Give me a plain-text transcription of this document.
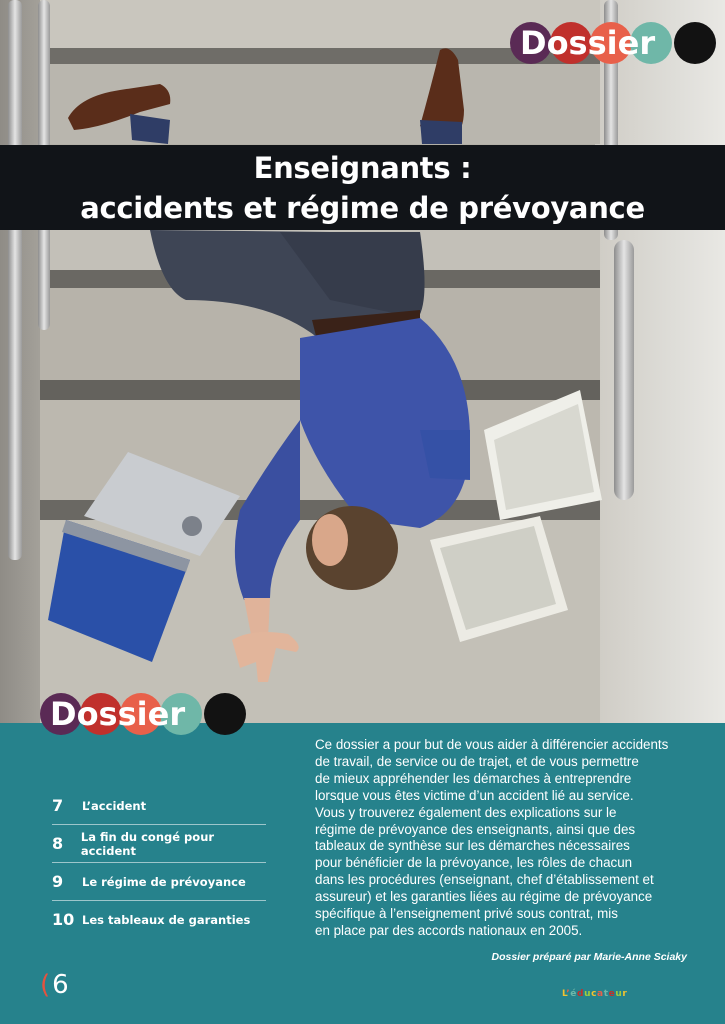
Dossier
Enseignants :
accidents et régime de prévoyance
Dossier
7	L’accident
8	La fin du congé pour accident
9	Le régime de prévoyance
10 Les tableaux de garanties

Ce dossier a pour but de vous aider à différencier accidents

de travail, de service ou de trajet, et de vous permettre

de mieux appréhender les démarches à entreprendre

lorsque vous êtes victime d’un accident lié au service.

Vous y trouverez également des explications sur le

régime de prévoyance des enseignants, ainsi que des

tableaux de synthèse sur les démarches nécessaires

pour bénéficier de la prévoyance, les rôles de chacun

dans les procédures (enseignant, chef d’établissement et

assureur) et les garanties liées au régime de prévoyance

spécifique à l’enseignement privé sous contrat, mis

en place par des accords nationaux en 2005.

Dossier préparé par Marie-Anne Sciaky
(6	L’éducateur
